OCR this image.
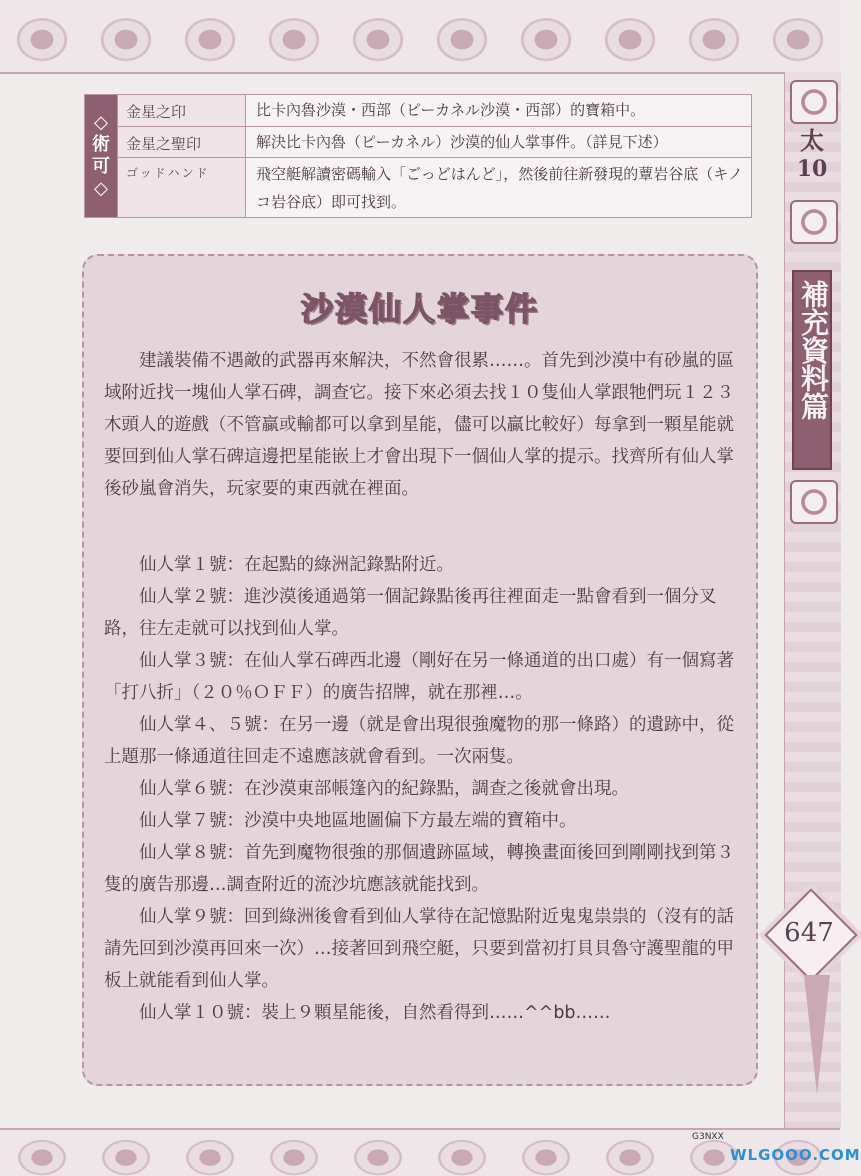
太
10
補充資料篇
647
◇
術
可
◇	金星之印	比卡內魯沙漠・西部（ピーカネル沙漠・西部）的寶箱中。
	金星之聖印	解決比卡內魯（ピーカネル）沙漠的仙人掌事件。（詳見下述）
	ゴッドハンド	飛空艇解讀密碼輸入「ごっどはんど」，然後前往新發現的蕈岩谷底（キノコ岩谷底）即可找到。
沙漠仙人掌事件

建議裝備不遇敵的武器再來解決，不然會很累……。首先到沙漠中有砂嵐的區域附近找一塊仙人掌石碑，調查它。接下來必須去找１０隻仙人掌跟牠們玩１２３木頭人的遊戲（不管贏或輸都可以拿到星能，儘可以贏比較好）每拿到一顆星能就要回到仙人掌石碑這邊把星能嵌上才會出現下一個仙人掌的提示。找齊所有仙人掌後砂嵐會消失，玩家要的東西就在裡面。

仙人掌１號：在起點的綠洲記錄點附近。

仙人掌２號：進沙漠後通過第一個記錄點後再往裡面走一點會看到一個分叉路，往左走就可以找到仙人掌。

仙人掌３號：在仙人掌石碑西北邊（剛好在另一條通道的出口處）有一個寫著「打八折」（２０％ＯＦＦ）的廣告招牌，就在那裡…。

仙人掌４、５號：在另一邊（就是會出現很強魔物的那一條路）的遺跡中，從上題那一條通道往回走不遠應該就會看到。一次兩隻。

仙人掌６號：在沙漠東部帳篷內的紀錄點，調查之後就會出現。

仙人掌７號：沙漠中央地區地圖偏下方最左端的寶箱中。

仙人掌８號：首先到魔物很強的那個遺跡區域，轉換畫面後回到剛剛找到第３隻的廣告那邊…調查附近的流沙坑應該就能找到。

仙人掌９號：回到綠洲後會看到仙人掌待在記憶點附近鬼鬼祟祟的（沒有的話請先回到沙漠再回來一次）…接著回到飛空艇，只要到當初打貝貝魯守護聖龍的甲板上就能看到仙人掌。

仙人掌１０號：裝上９顆星能後，自然看得到……^^bb……

G3NXX
WLGOOO.COM
